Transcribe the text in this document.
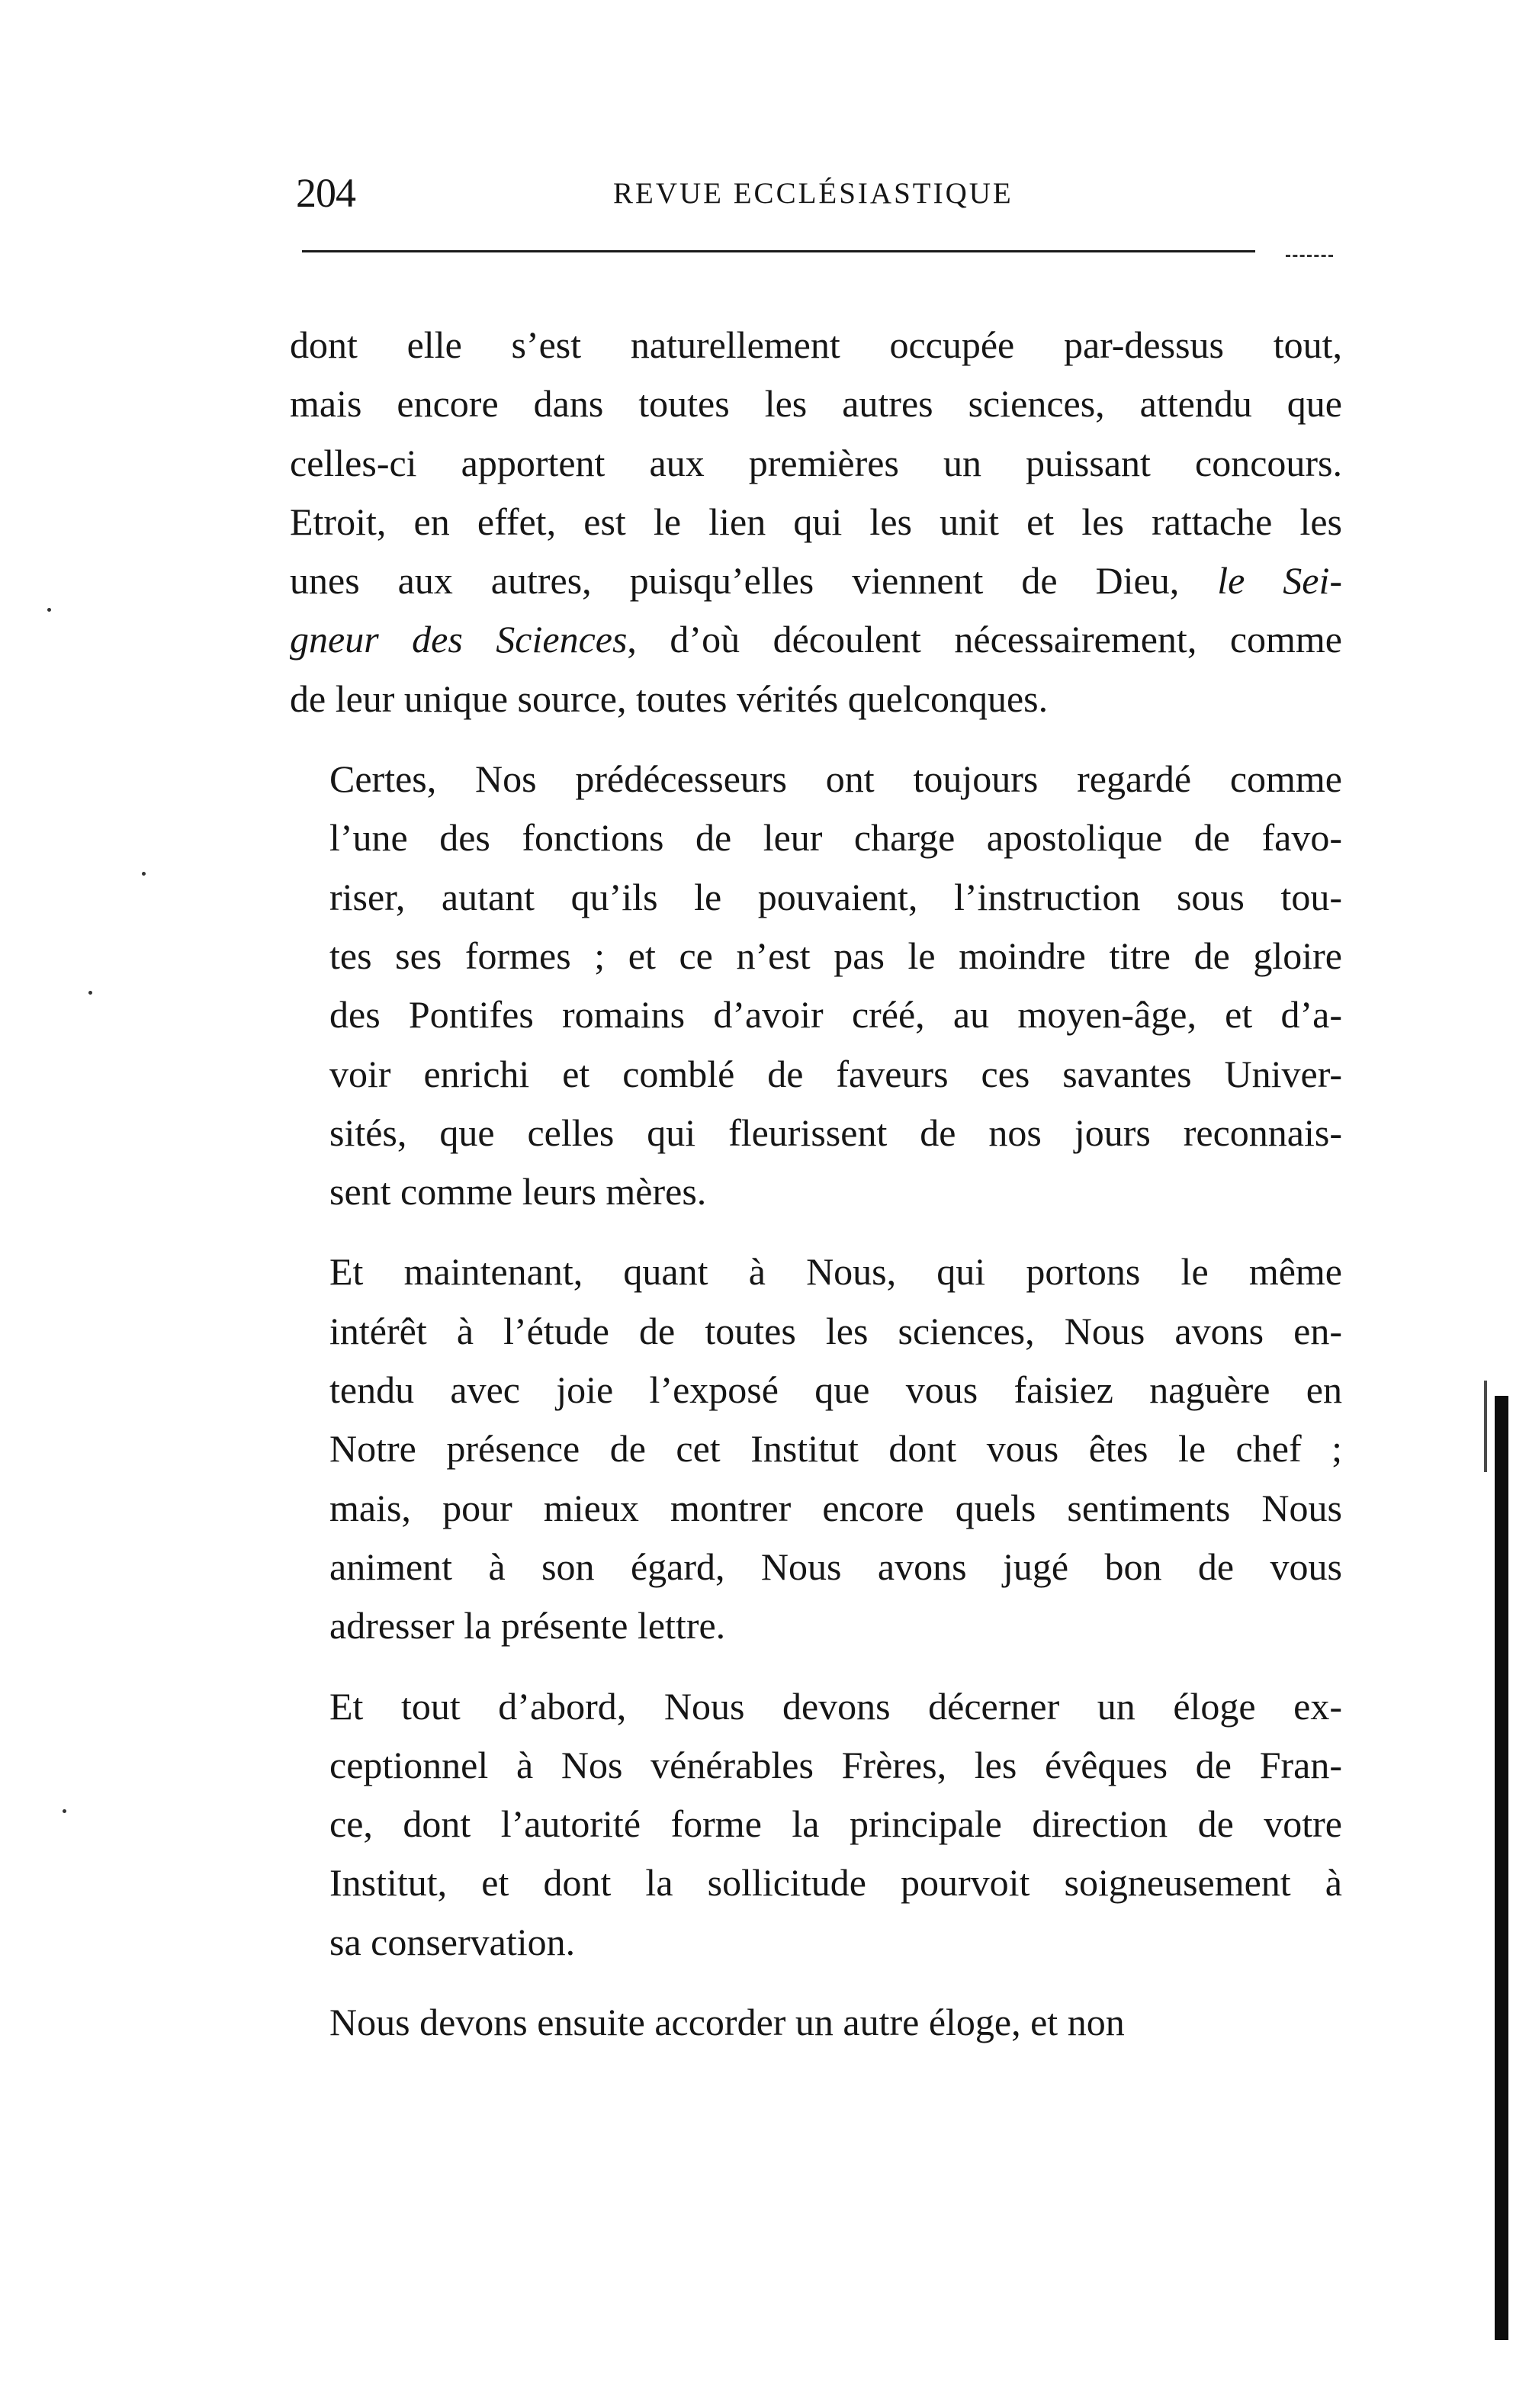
204	REVUE ECCLÉSIASTIQUE

dont elle s’est naturellement occupée par-dessus tout,
mais encore dans toutes les autres sciences, attendu que
celles-ci apportent aux premières un puissant concours.
Etroit, en effet, est le lien qui les unit et les rattache les
unes aux autres, puisqu’elles viennent de Dieu, le Sei-
gneur des Sciences, d’où découlent nécessairement, comme
de leur unique source, toutes vérités quelconques.

Certes, Nos prédécesseurs ont toujours regardé comme
l’une des fonctions de leur charge apostolique de favo-
riser, autant qu’ils le pouvaient, l’instruction sous tou-
tes ses formes ; et ce n’est pas le moindre titre de gloire
des Pontifes romains d’avoir créé, au moyen-âge, et d’a-
voir enrichi et comblé de faveurs ces savantes Univer-
sités, que celles qui fleurissent de nos jours reconnais-
sent comme leurs mères.

Et maintenant, quant à Nous, qui portons le même
intérêt à l’étude de toutes les sciences, Nous avons en-
tendu avec joie l’exposé que vous faisiez naguère en
Notre présence de cet Institut dont vous êtes le chef ;
mais, pour mieux montrer encore quels sentiments Nous
animent à son égard, Nous avons jugé bon de vous
adresser la présente lettre.

Et tout d’abord, Nous devons décerner un éloge ex-
ceptionnel à Nos vénérables Frères, les évêques de Fran-
ce, dont l’autorité forme la principale direction de votre
Institut, et dont la sollicitude pourvoit soigneusement à
sa conservation.

Nous devons ensuite accorder un autre éloge, et non
